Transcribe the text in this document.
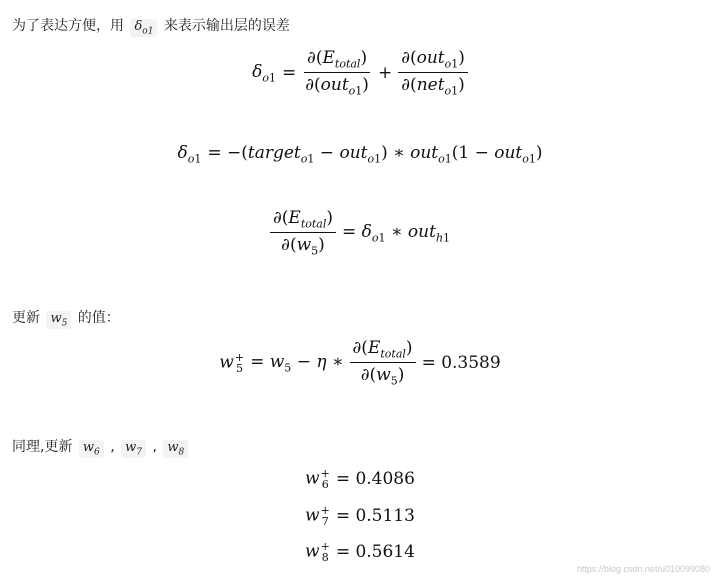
为了表达方便，用 $\delta_{o1}$ 来表示输出层的误差
$\delta_{o1} = \frac{\partial(E_{total})}{\partial(out_{o1})} + \frac{\partial(out_{o1})}{\partial(net_{o1})}$
$\delta_{o1}$ = −(target$_{o1}$ − out$_{o1}$) ∗ out$_{o1}$(1 − out$_{o1}$)
$\frac{\partial(E_{total})}{\partial(w_5)} = \delta_{o1}$ ∗ out$_{h1}$
更新 $w_5$ 的值：
w +
$5 = w_5 - \eta$ ∗ $\frac{\partial(E_{total})}{\partial(w_5)} = 0.3589$
同理,更新 $w_6$ , $w_7$ , $w_8$
w +
6 = 0.4086
w +
7 = 0.5113
w +
8 = 0.5614
https://blog.csdn.net/u010099080
